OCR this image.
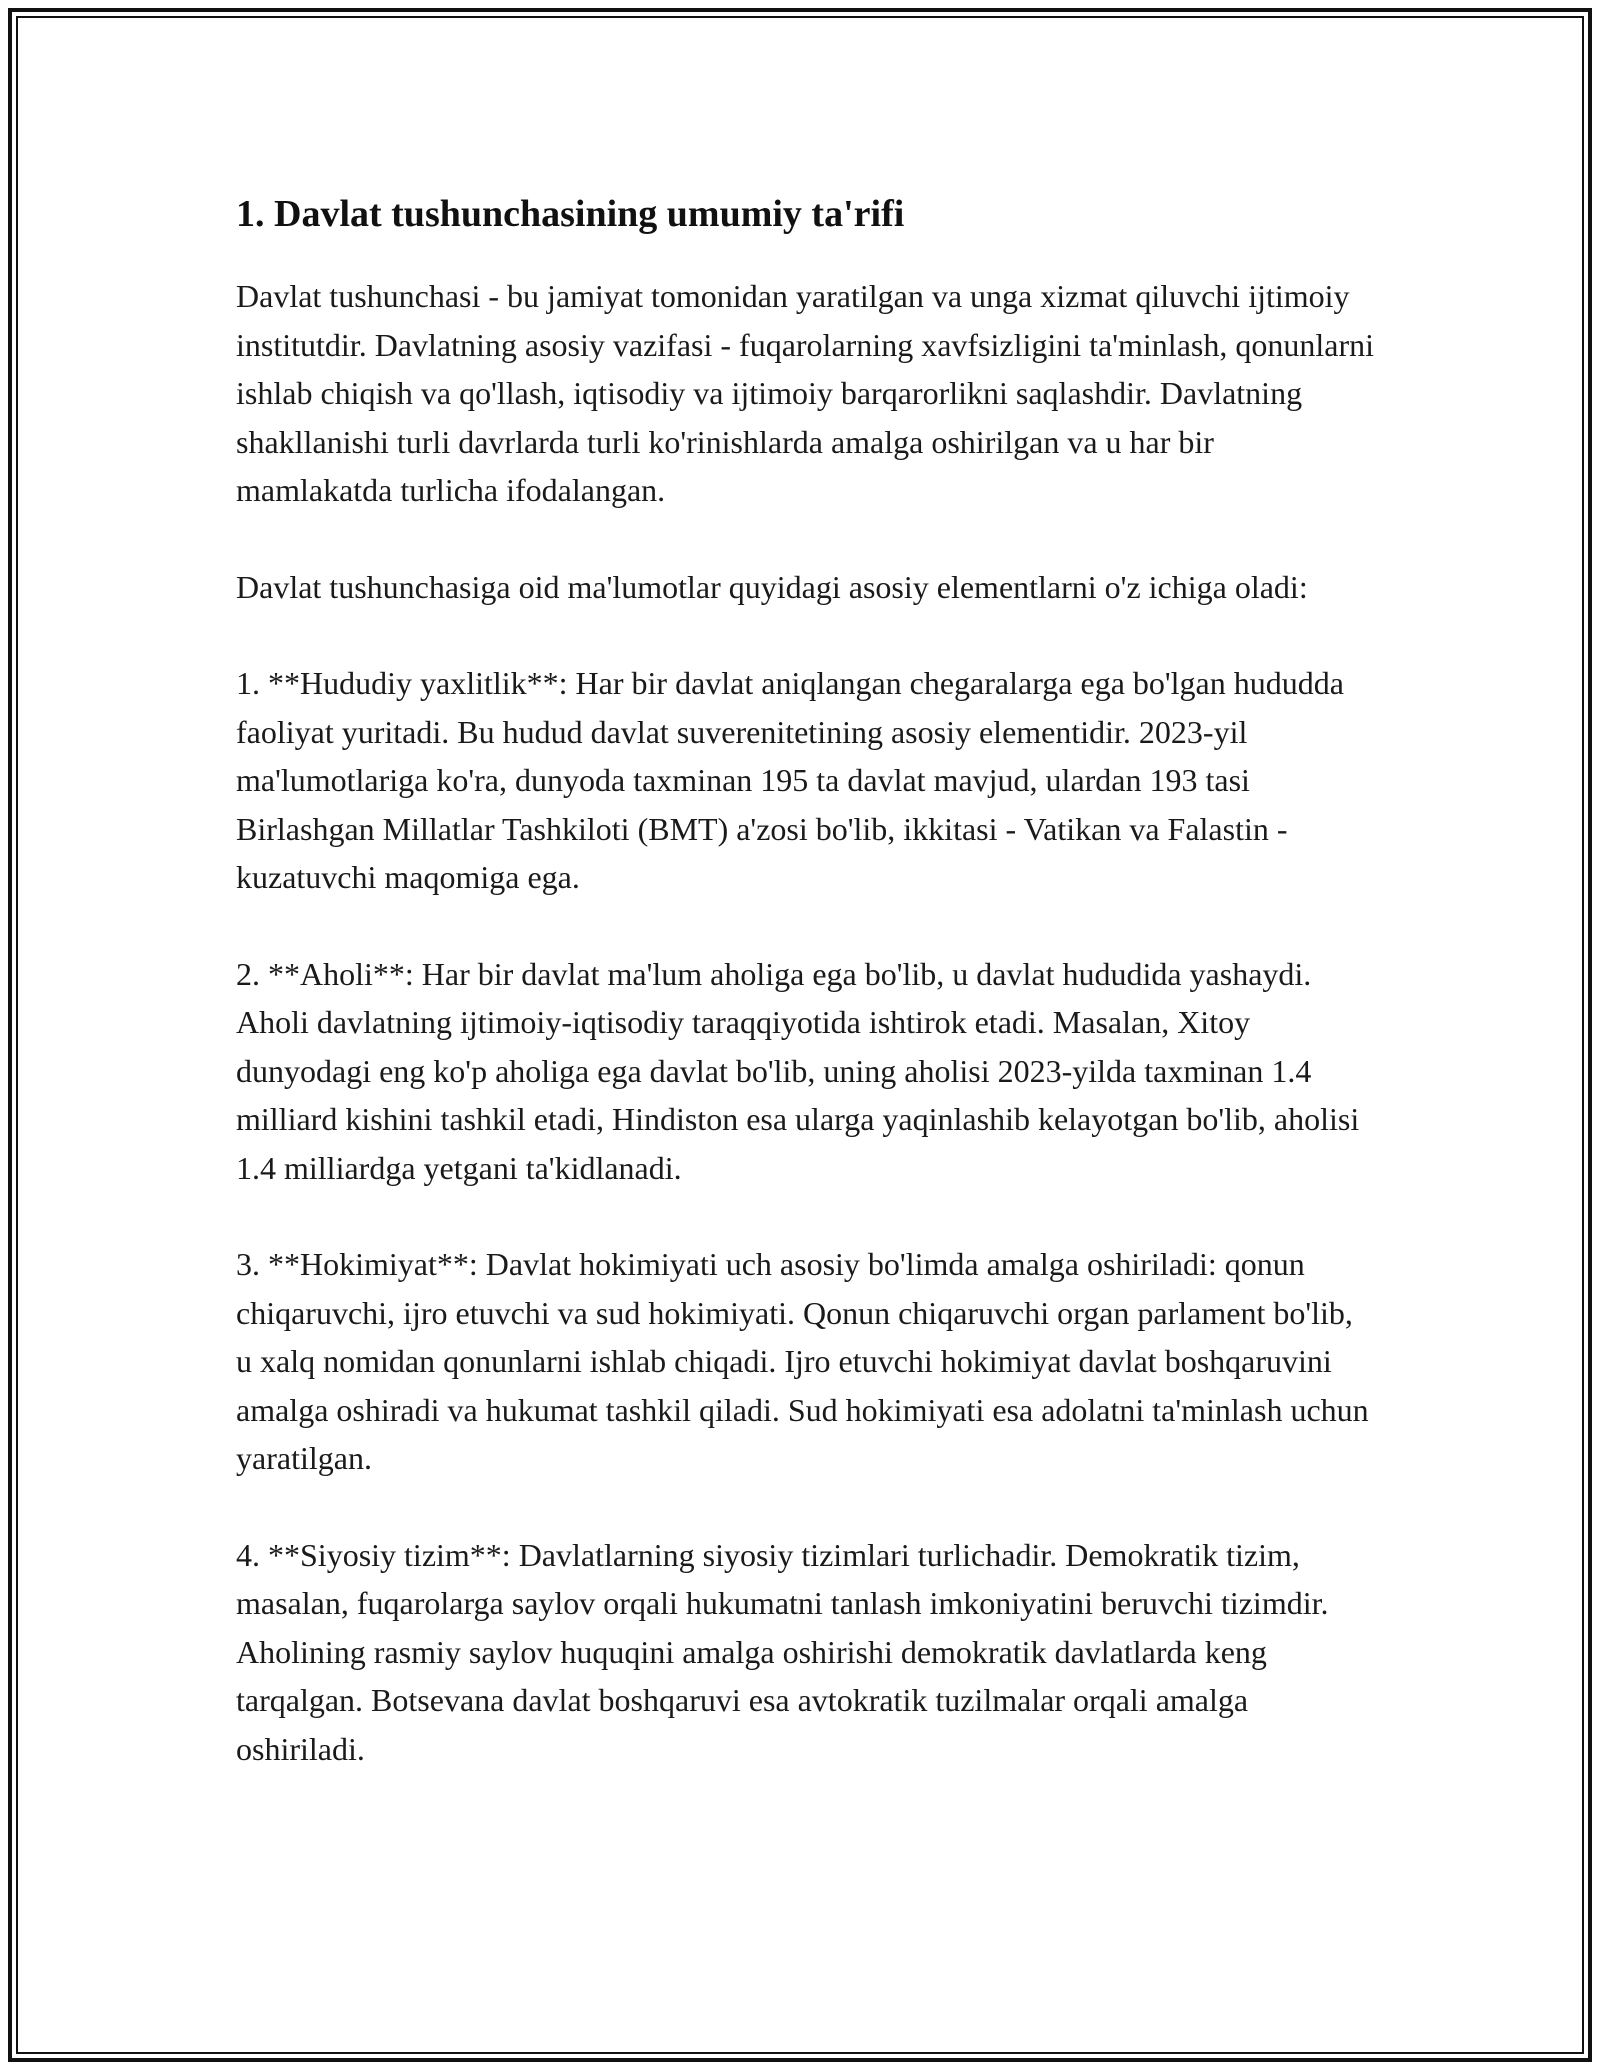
1. Davlat tushunchasining umumiy ta'rifi

Davlat tushunchasi - bu jamiyat tomonidan yaratilgan va unga xizmat qiluvchi ijtimoiy institutdir. Davlatning asosiy vazifasi - fuqarolarning xavfsizligini ta'minlash, qonunlarni ishlab chiqish va qo'llash, iqtisodiy va ijtimoiy barqarorlikni saqlashdir. Davlatning shakllanishi turli davrlarda turli ko'rinishlarda amalga oshirilgan va u har bir mamlakatda turlicha ifodalangan.

Davlat tushunchasiga oid ma'lumotlar quyidagi asosiy elementlarni o'z ichiga oladi:

1. **Hududiy yaxlitlik**: Har bir davlat aniqlangan chegaralarga ega bo'lgan hududda faoliyat yuritadi. Bu hudud davlat suverenitetining asosiy elementidir. 2023-yil ma'lumotlariga ko'ra, dunyoda taxminan 195 ta davlat mavjud, ulardan 193 tasi Birlashgan Millatlar Tashkiloti (BMT) a'zosi bo'lib, ikkitasi - Vatikan va Falastin - kuzatuvchi maqomiga ega.

2. **Aholi**: Har bir davlat ma'lum aholiga ega bo'lib, u davlat hududida yashaydi. Aholi davlatning ijtimoiy-iqtisodiy taraqqiyotida ishtirok etadi. Masalan, Xitoy dunyodagi eng ko'p aholiga ega davlat bo'lib, uning aholisi 2023-yilda taxminan 1.4 milliard kishini tashkil etadi, Hindiston esa ularga yaqinlashib kelayotgan bo'lib, aholisi 1.4 milliardga yetgani ta'kidlanadi.

3. **Hokimiyat**: Davlat hokimiyati uch asosiy bo'limda amalga oshiriladi: qonun chiqaruvchi, ijro etuvchi va sud hokimiyati. Qonun chiqaruvchi organ parlament bo'lib, u xalq nomidan qonunlarni ishlab chiqadi. Ijro etuvchi hokimiyat davlat boshqaruvini amalga oshiradi va hukumat tashkil qiladi. Sud hokimiyati esa adolatni ta'minlash uchun yaratilgan.

4. **Siyosiy tizim**: Davlatlarning siyosiy tizimlari turlichadir. Demokratik tizim, masalan, fuqarolarga saylov orqali hukumatni tanlash imkoniyatini beruvchi tizimdir. Aholining rasmiy saylov huquqini amalga oshirishi demokratik davlatlarda keng tarqalgan. Botsevana davlat boshqaruvi esa avtokratik tuzilmalar orqali amalga oshiriladi.
